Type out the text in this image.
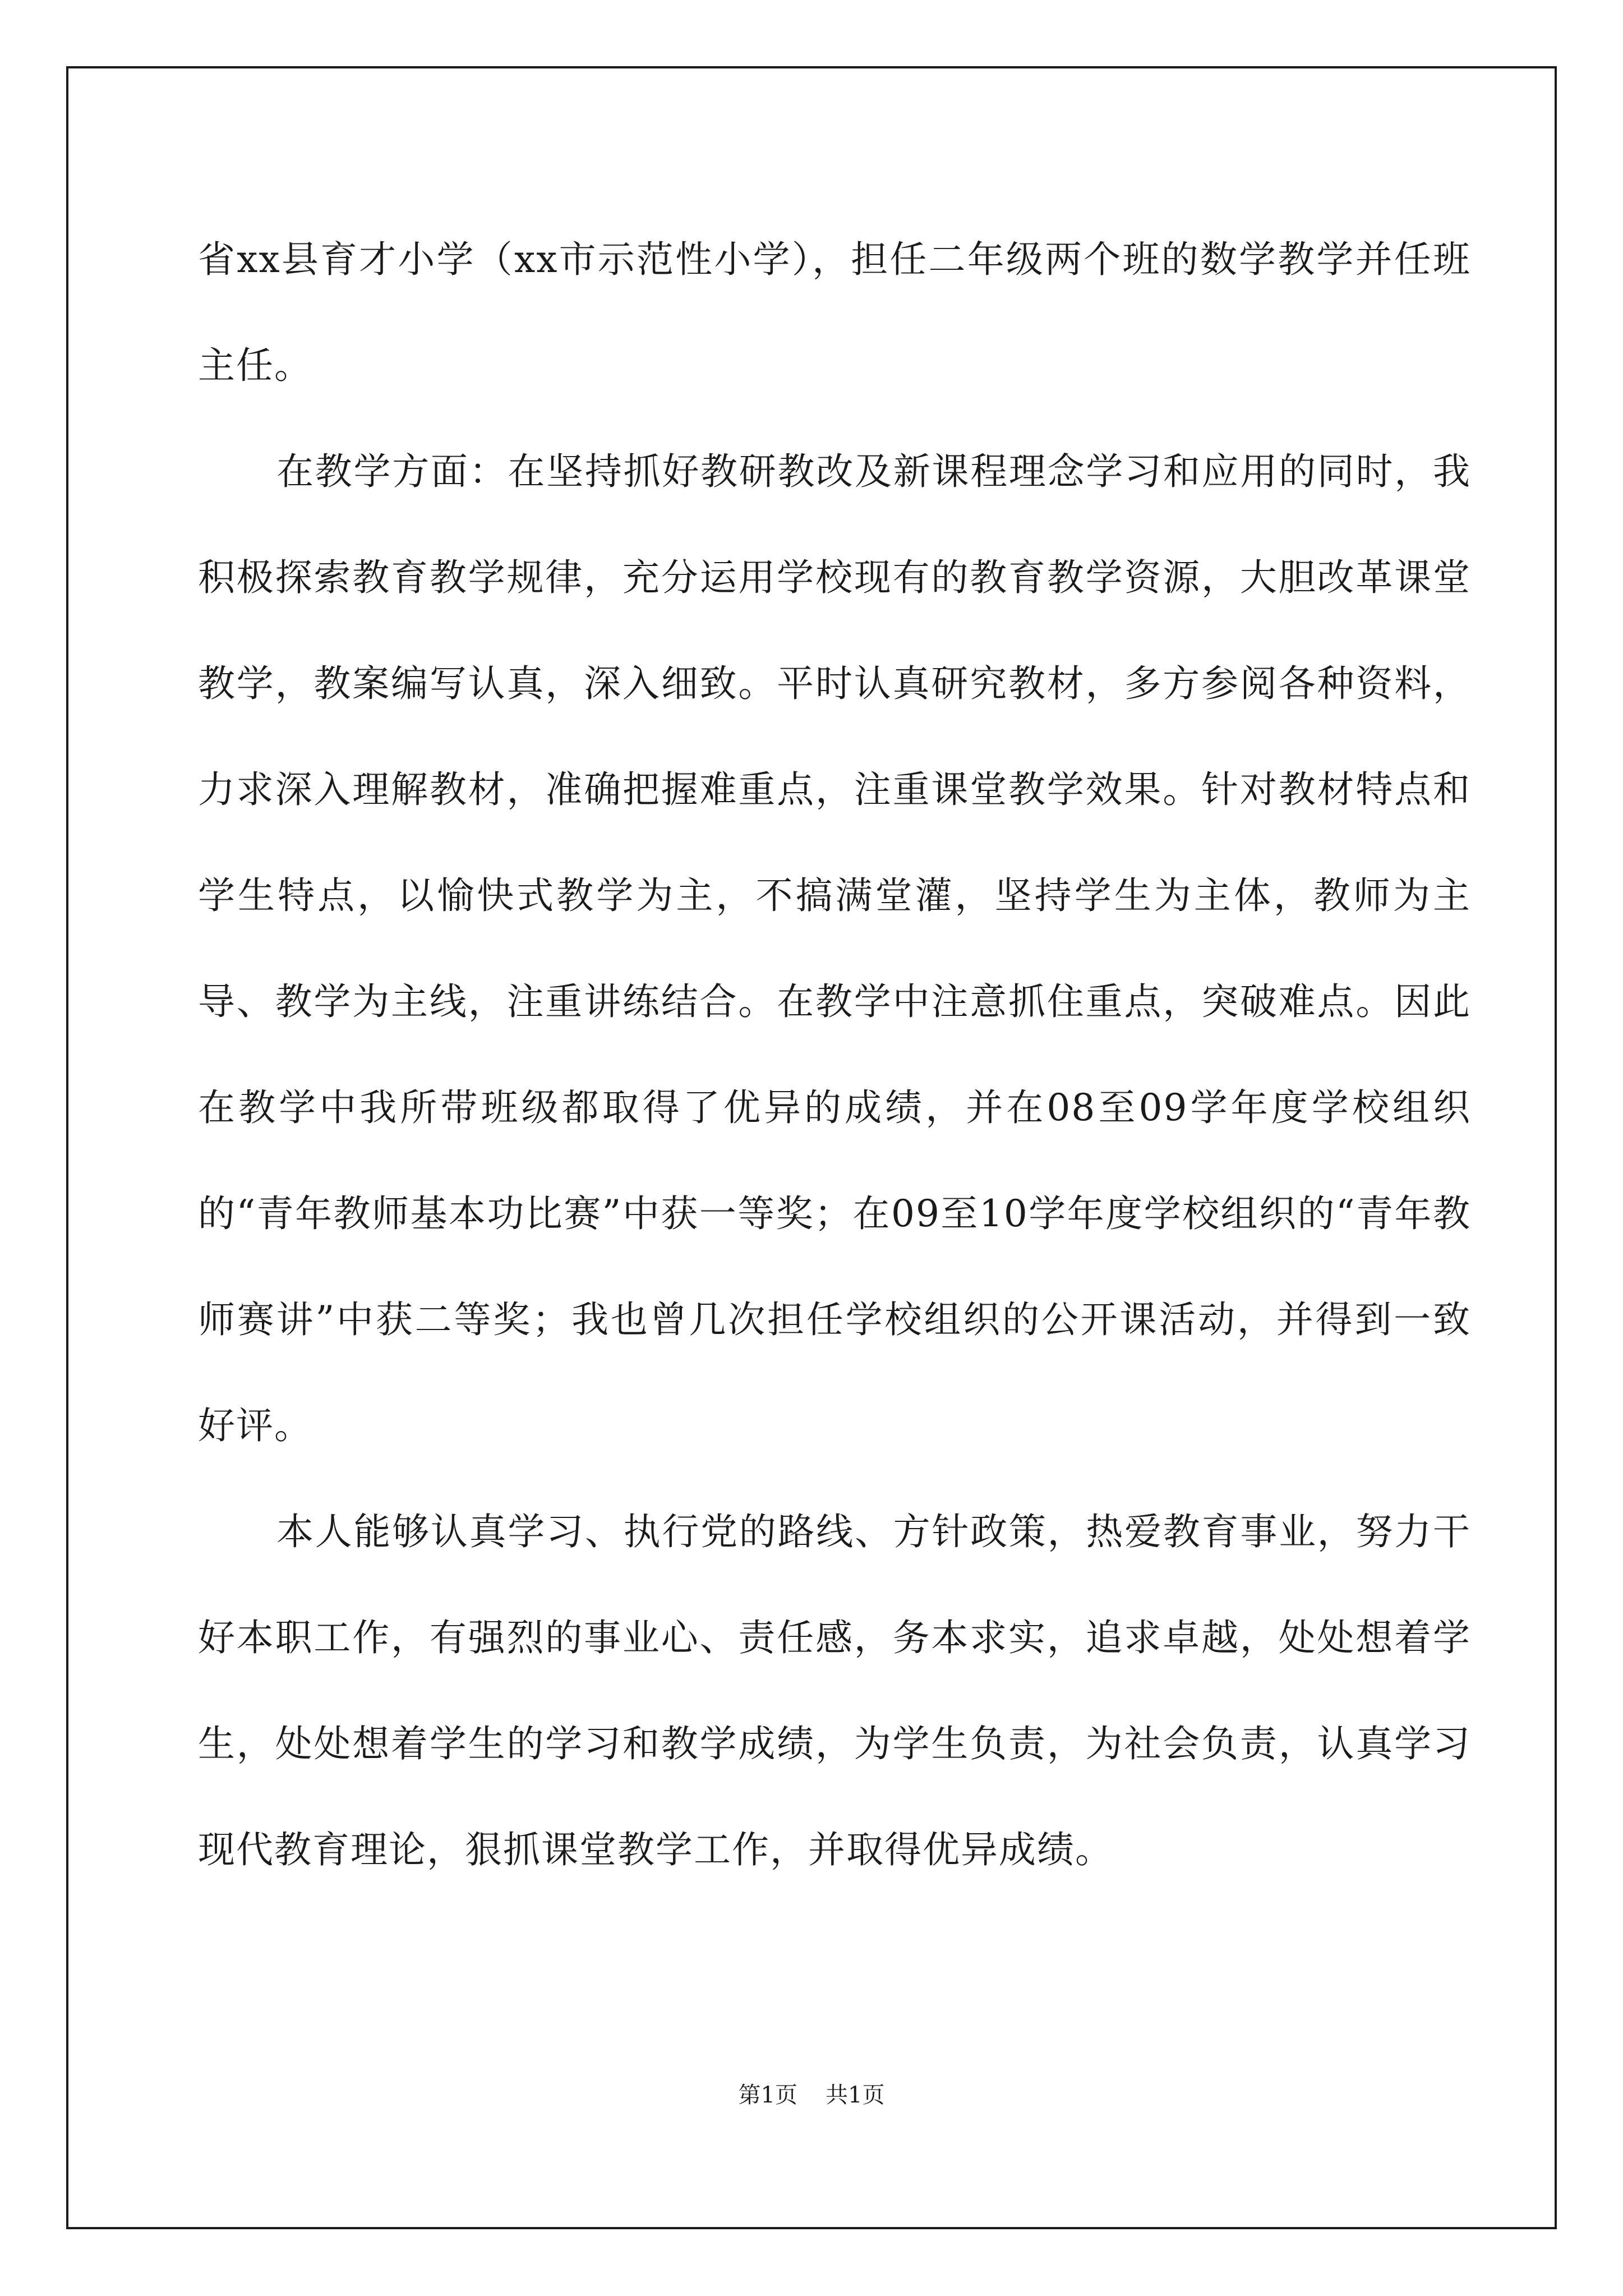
省xx县育才小学（xx市示范性小学），担任二年级两个班的数学教学并任班主任。

在教学方面：在坚持抓好教研教改及新课程理念学习和应用的同时，我积极探索教育教学规律，充分运用学校现有的教育教学资源，大胆改革课堂教学，教案编写认真，深入细致。平时认真研究教材，多方参阅各种资料，力求深入理解教材，准确把握难重点，注重课堂教学效果。针对教材特点和学生特点，以愉快式教学为主，不搞满堂灌，坚持学生为主体，教师为主导、教学为主线，注重讲练结合。在教学中注意抓住重点，突破难点。因此在教学中我所带班级都取得了优异的成绩，并在08至09学年度学校组织的“青年教师基本功比赛”中获一等奖；在09至10学年度学校组织的“青年教师赛讲”中获二等奖；我也曾几次担任学校组织的公开课活动，并得到一致好评。

本人能够认真学习、执行党的路线、方针政策，热爱教育事业，努力干好本职工作，有强烈的事业心、责任感，务本求实，追求卓越，处处想着学生，处处想着学生的学习和教学成绩，为学生负责，为社会负责，认真学习现代教育理论，狠抓课堂教学工作，并取得优异成绩。

第1页 共1页
